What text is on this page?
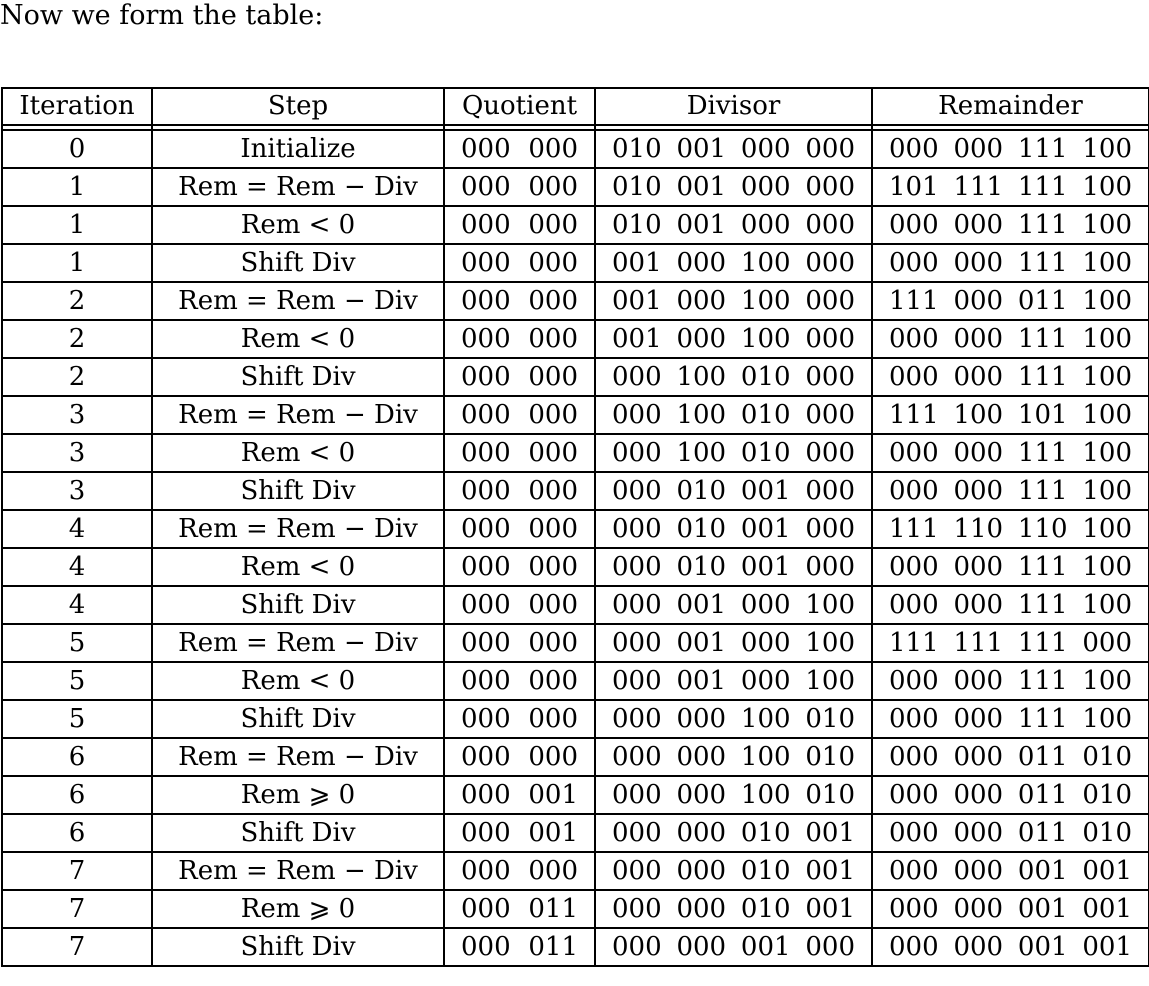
Now we form the table:
Iteration	Step	Quotient	Divisor	Remainder

0	Initialize	000 000	010 001 000 000	000 000 111 100

1	Rem = Rem − Div	000 000	010 001 000 000	101 111 111 100

1	Rem < 0	000 000	010 001 000 000	000 000 111 100

1	Shift Div	000 000	001 000 100 000	000 000 111 100

2	Rem = Rem − Div	000 000	001 000 100 000	111 000 011 100

2	Rem < 0	000 000	001 000 100 000	000 000 111 100

2	Shift Div	000 000	000 100 010 000	000 000 111 100

3	Rem = Rem − Div	000 000	000 100 010 000	111 100 101 100

3	Rem < 0	000 000	000 100 010 000	000 000 111 100

3	Shift Div	000 000	000 010 001 000	000 000 111 100

4	Rem = Rem − Div	000 000	000 010 001 000	111 110 110 100

4	Rem < 0	000 000	000 010 001 000	000 000 111 100

4	Shift Div	000 000	000 001 000 100	000 000 111 100

5	Rem = Rem − Div	000 000	000 001 000 100	111 111 111 000

5	Rem < 0	000 000	000 001 000 100	000 000 111 100

5	Shift Div	000 000	000 000 100 010	000 000 111 100

6	Rem = Rem − Div	000 000	000 000 100 010	000 000 011 010

6	Rem ⩾ 0	000 001	000 000 100 010	000 000 011 010

6	Shift Div	000 001	000 000 010 001	000 000 011 010

7	Rem = Rem − Div	000 000	000 000 010 001	000 000 001 001

7	Rem ⩾ 0	000 011	000 000 010 001	000 000 001 001

7	Shift Div	000 011	000 000 001 000	000 000 001 001
